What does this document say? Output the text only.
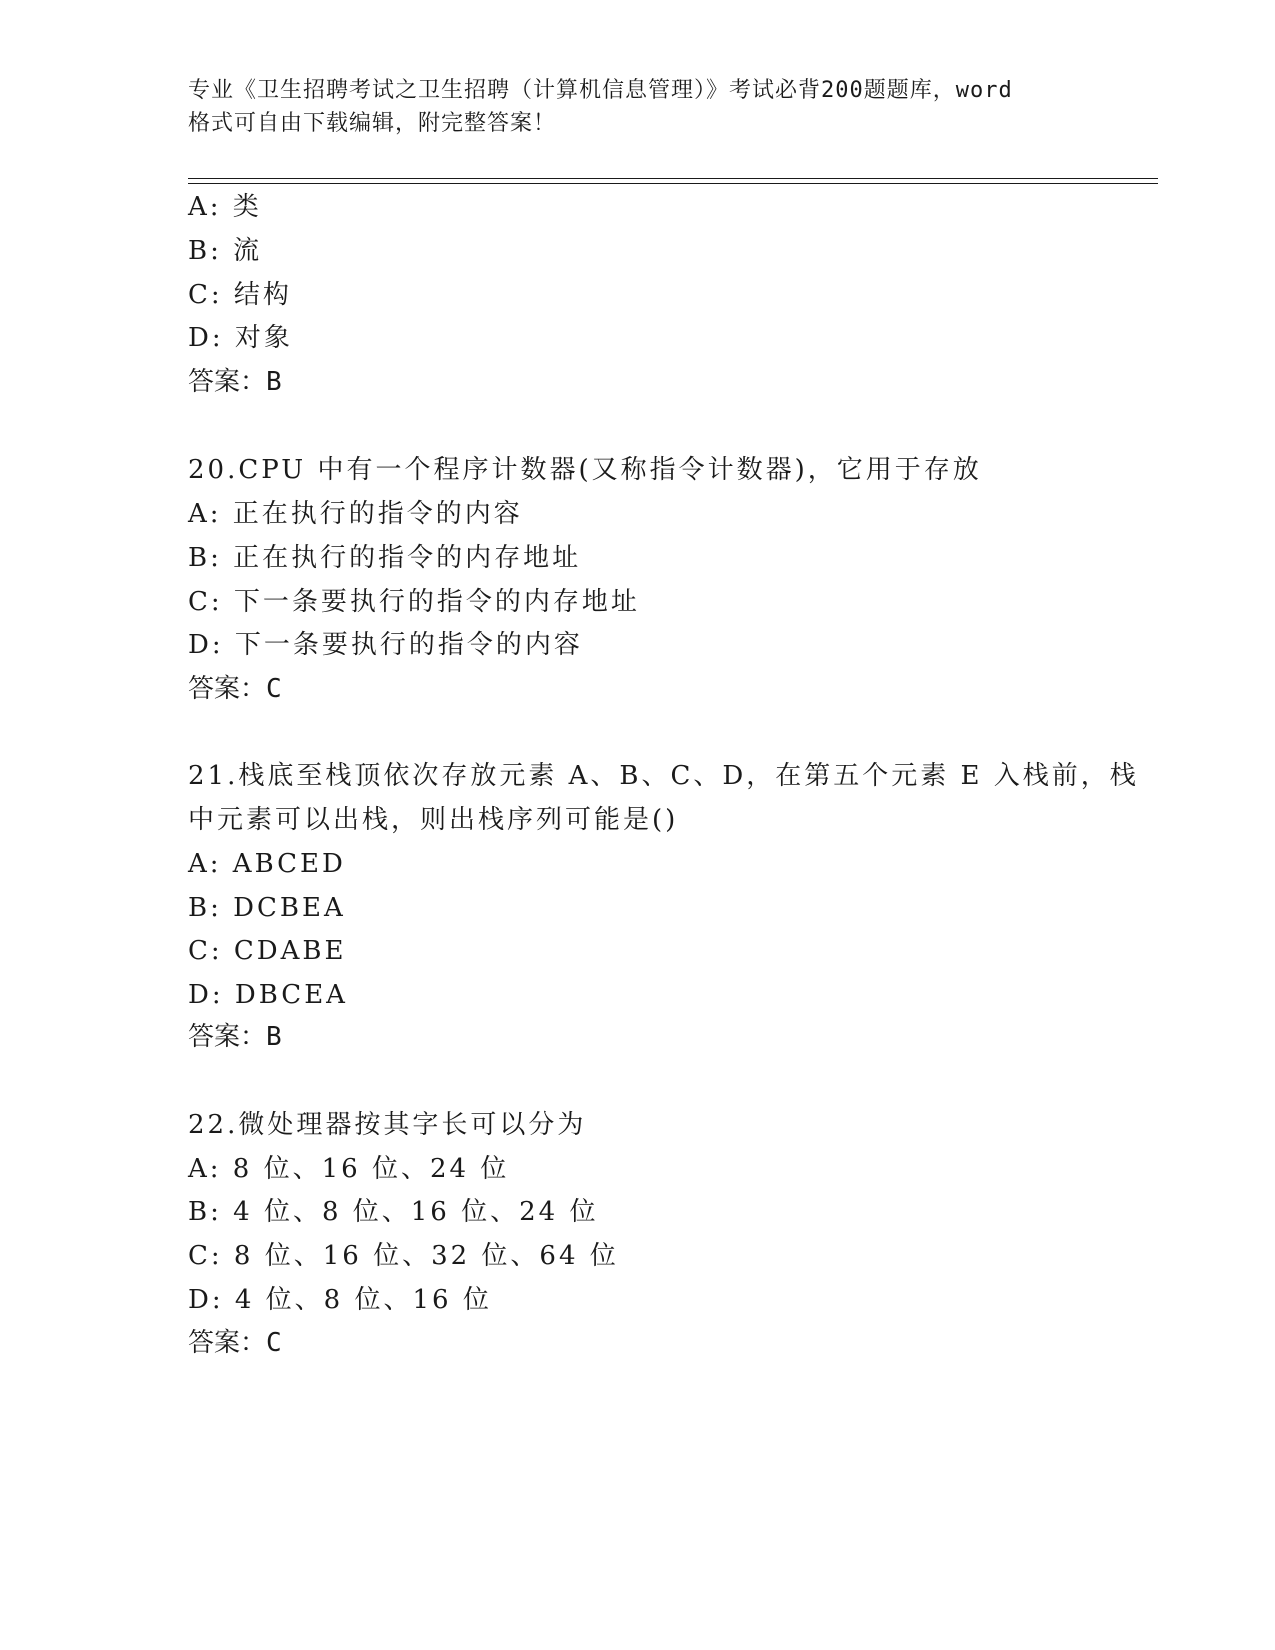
专业《卫生招聘考试之卫生招聘（计算机信息管理）》考试必背200题题库，word
格式可自由下载编辑，附完整答案！
A: 类
B: 流
C: 结构
D: 对象
答案：B
20.CPU 中有一个程序计数器(又称指令计数器)，它用于存放
A: 正在执行的指令的内容
B: 正在执行的指令的内存地址
C: 下一条要执行的指令的内存地址
D: 下一条要执行的指令的内容
答案：C
21.栈底至栈顶依次存放元素 A、B、C、D，在第五个元素 E 入栈前，栈
中元素可以出栈，则出栈序列可能是()
A: ABCED
B: DCBEA
C: CDABE
D: DBCEA
答案：B
22.微处理器按其字长可以分为
A: 8 位、16 位、24 位
B: 4 位、8 位、16 位、24 位
C: 8 位、16 位、32 位、64 位
D: 4 位、8 位、16 位
答案：C
